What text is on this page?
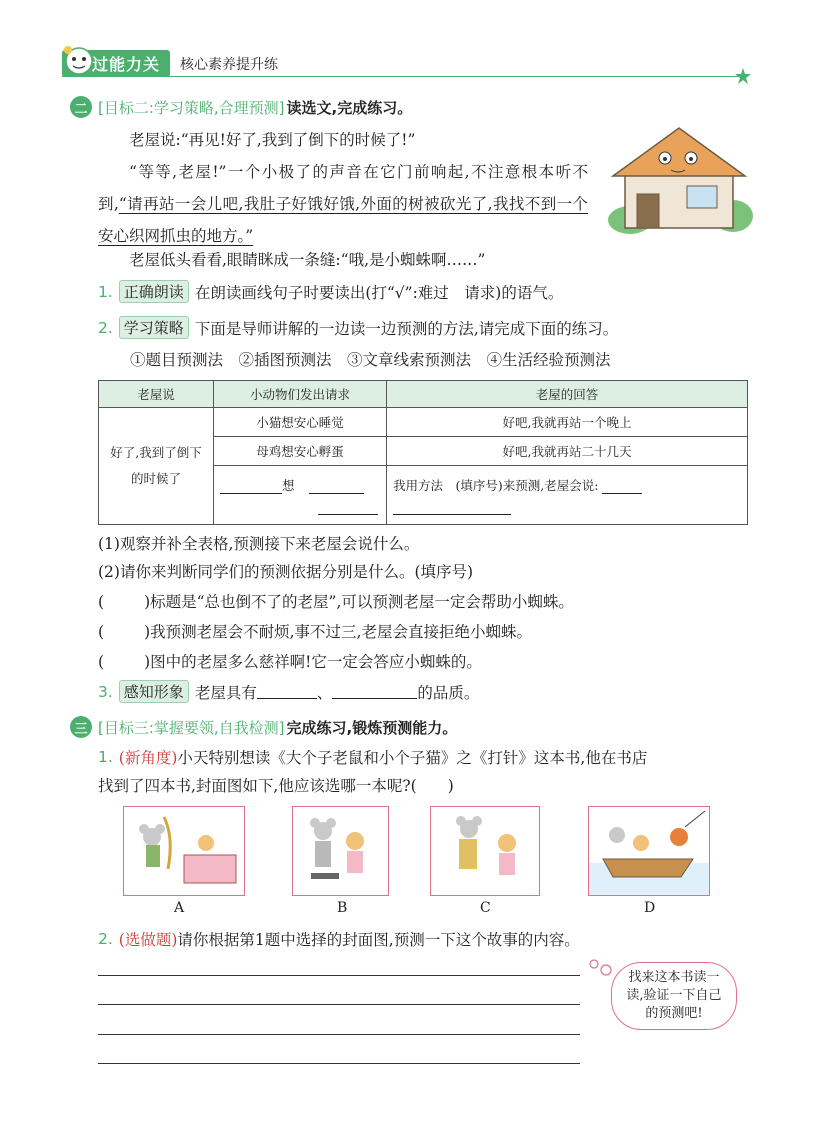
过能力关	核心素养提升练
二 [目标二:学习策略,合理预测] 读选文,完成练习。
老屋说:“再见!好了,我到了倒下的时候了!”
“等等,老屋!”一个小极了的声音在它门前响起,不注意根本听不到,“请再站一会儿吧,我肚子好饿好饿,外面的树被砍光了,我找不到一个安心织网抓虫的地方。”
老屋低头看看,眼睛眯成一条缝:“哦,是小蜘蛛啊……”
1. 正确朗读 在朗读画线句子时要读出(打“√”:难过　请求)的语气。
2. 学习策略 下面是导师讲解的一边读一边预测的方法,请完成下面的练习。
①题目预测法　②插图预测法　③文章线索预测法　④生活经验预测法
老屋说	小动物们发出请求	老屋的回答
好了,我到了倒下的时候了	小猫想安心睡觉	好吧,我就再站一个晚上
	母鸡想安心孵蛋	好吧,我就再站二十几天
	想	我用方法　(填序号)来预测,老屋会说:

(1)观察并补全表格,预测接下来老屋会说什么。
(2)请你来判断同学们的预测依据分别是什么。(填序号)
(	)标题是“总也倒不了的老屋”,可以预测老屋一定会帮助小蜘蛛。
(	)我预测老屋会不耐烦,事不过三,老屋会直接拒绝小蜘蛛。
(	)图中的老屋多么慈祥啊!它一定会答应小蜘蛛的。
3. 感知形象 老屋具有	、	的品质。
三 [目标三:掌握要领,自我检测] 完成练习,锻炼预测能力。
1. (新角度) 小天特别想读《大个子老鼠和小个子猫》之《打针》这本书,他在书店
找到了四本书,封面图如下,他应该选哪一本呢?(　　)
A	B	C	D
2. (选做题) 请你根据第1题中选择的封面图,预测一下这个故事的内容。
找来这本书读一读,验证一下自己的预测吧!
